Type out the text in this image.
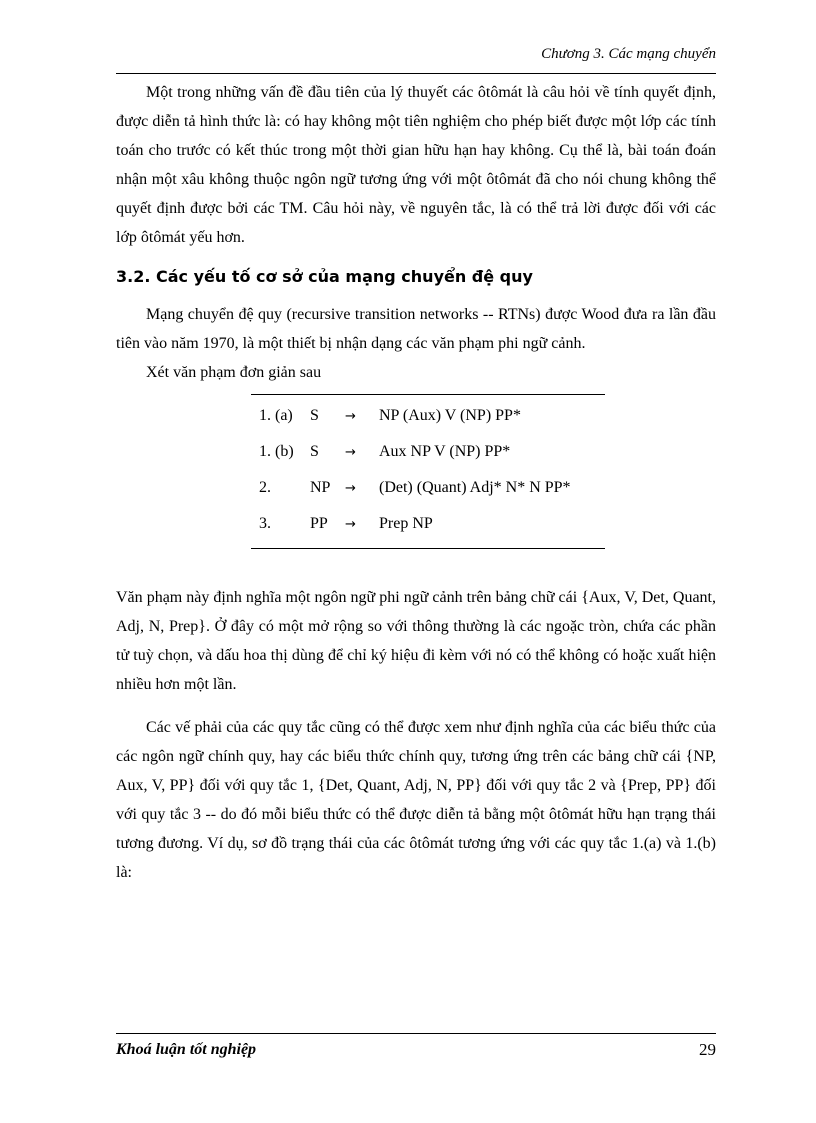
Chương 3. Các mạng chuyển

Một trong những vấn đề đầu tiên của lý thuyết các ôtômát là câu hỏi về tính quyết định, được diễn tả hình thức là: có hay không một tiên nghiệm cho phép biết được một lớp các tính toán cho trước có kết thúc trong một thời gian hữu hạn hay không. Cụ thể là, bài toán đoán nhận một xâu không thuộc ngôn ngữ tương ứng với một ôtômát đã cho nói chung không thể quyết định được bởi các TM. Câu hỏi này, về nguyên tắc, là có thể trả lời được đối với các lớp ôtômát yếu hơn.

3.2. Các yếu tố cơ sở của mạng chuyển đệ quy

Mạng chuyển đệ quy (recursive transition networks -- RTNs) được Wood đưa ra lần đầu tiên vào năm 1970, là một thiết bị nhận dạng các văn phạm phi ngữ cảnh.

Xét văn phạm đơn giản sau

1. (a)	S	→	NP (Aux) V (NP) PP*
1. (b)	S	→	Aux NP V (NP) PP*
2.	NP	→	(Det) (Quant) Adj* N* N PP*
3.	PP	→	Prep NP

Văn phạm này định nghĩa một ngôn ngữ phi ngữ cảnh trên bảng chữ cái {Aux, V, Det, Quant, Adj, N, Prep}. Ở đây có một mở rộng so với thông thường là các ngoặc tròn, chứa các phần tử tuỳ chọn, và dấu hoa thị dùng để chỉ ký hiệu đi kèm với nó có thể không có hoặc xuất hiện nhiều hơn một lần.

Các vế phải của các quy tắc cũng có thể được xem như định nghĩa của các biểu thức của các ngôn ngữ chính quy, hay các biểu thức chính quy, tương ứng trên các bảng chữ cái {NP, Aux, V, PP} đối với quy tắc 1, {Det, Quant, Adj, N, PP} đối với quy tắc 2 và {Prep, PP} đối với quy tắc 3 -- do đó mỗi biểu thức có thể được diễn tả bằng một ôtômát hữu hạn trạng thái tương đương. Ví dụ, sơ đồ trạng thái của các ôtômát tương ứng với các quy tắc 1.(a) và 1.(b) là:

Khoá luận tốt nghiệp	29
